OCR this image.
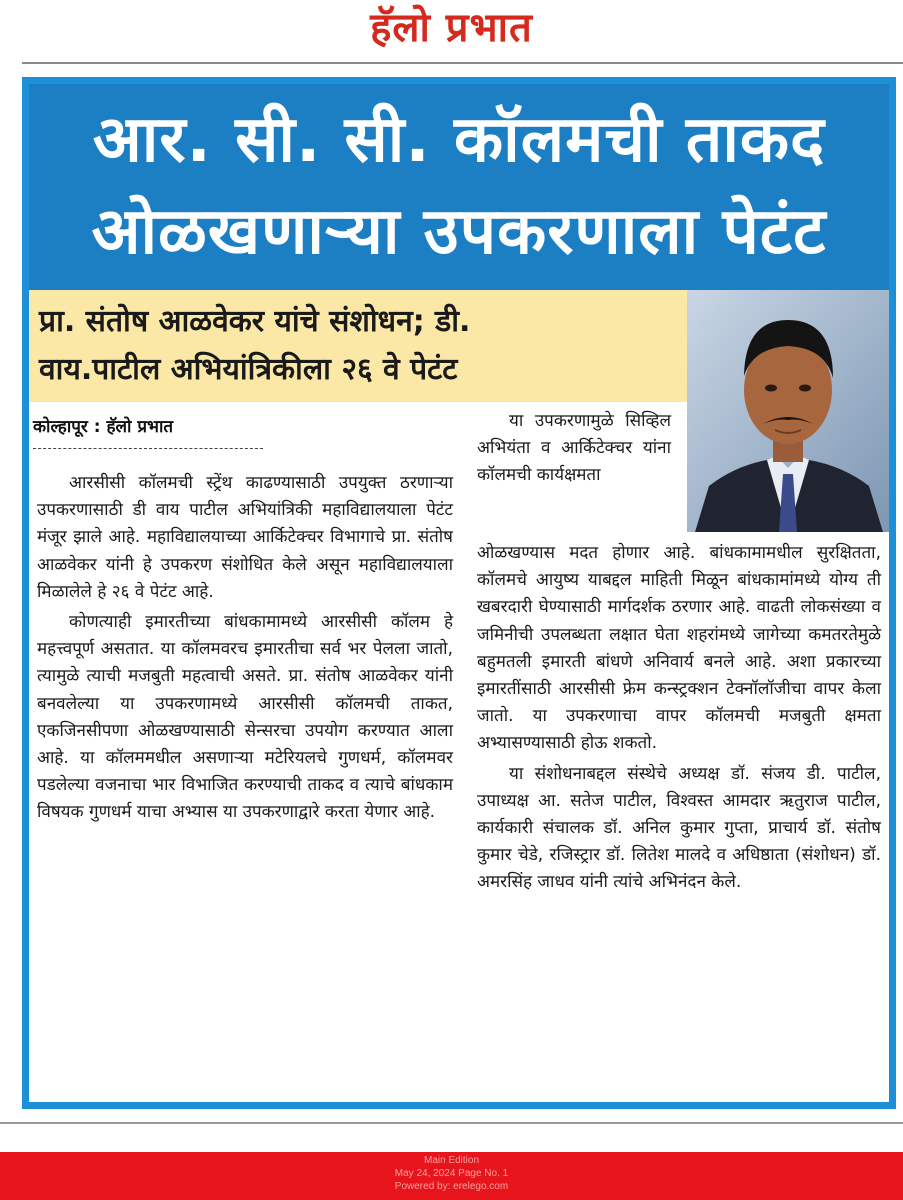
हॅलो प्रभात
आर. सी. सी. कॉलमची ताकद
ओळखणाऱ्या उपकरणाला पेटंट
प्रा. संतोष आळवेकर यांचे संशोधन; डी.
वाय.पाटील अभियांत्रिकीला २६ वे पेटंट
कोल्हापूर : हॅलो प्रभात

आरसीसी कॉलमची स्ट्रेंथ काढण्यासाठी उपयुक्त ठरणाऱ्या उपकरणासाठी डी वाय पाटील अभियांत्रिकी महाविद्यालयाला पेटंट मंजूर झाले आहे. महाविद्यालयाच्या आर्किटेक्चर विभागाचे प्रा. संतोष आळवेकर यांनी हे उपकरण संशोधित केले असून महाविद्यालयाला मिळालेले हे २६ वे पेटंट आहे.

कोणत्याही इमारतीच्या बांधकामामध्ये आरसीसी कॉलम हे महत्त्वपूर्ण असतात. या कॉलमवरच इमारतीचा सर्व भर पेलला जातो, त्यामुळे त्याची मजबुती महत्वाची असते. प्रा. संतोष आळवेकर यांनी बनवलेल्या या उपकरणामध्ये आरसीसी कॉलमची ताकत, एकजिनसीपणा ओळखण्यासाठी सेन्सरचा उपयोग करण्यात आला आहे. या कॉलममधील असणाऱ्या मटेरियलचे गुणधर्म, कॉलमवर पडलेल्या वजनाचा भार विभाजित करण्याची ताकद व त्याचे बांधकाम विषयक गुणधर्म याचा अभ्यास या उपकरणाद्वारे करता येणार आहे.

या उपकरणामुळे सिव्हिल अभियंता व आर्किटेक्चर यांना कॉलमची कार्यक्षमता

ओळखण्यास मदत होणार आहे. बांधकामामधील सुरक्षितता, कॉलमचे आयुष्य याबद्दल माहिती मिळून बांधकामांमध्ये योग्य ती खबरदारी घेण्यासाठी मार्गदर्शक ठरणार आहे. वाढती लोकसंख्या व जमिनीची उपलब्धता लक्षात घेता शहरांमध्ये जागेच्या कमतरतेमुळे बहुमतली इमारती बांधणे अनिवार्य बनले आहे. अशा प्रकारच्या इमारतींसाठी आरसीसी फ्रेम कन्स्ट्रक्शन टेक्नॉलॉजीचा वापर केला जातो. या उपकरणाचा वापर कॉलमची मजबुती क्षमता अभ्यासण्यासाठी होऊ शकतो.

या संशोधनाबद्दल संस्थेचे अध्यक्ष डॉ. संजय डी. पाटील, उपाध्यक्ष आ. सतेज पाटील, विश्वस्त आमदार ऋतुराज पाटील, कार्यकारी संचालक डॉ. अनिल कुमार गुप्ता, प्राचार्य डॉ. संतोष कुमार चेडे, रजिस्ट्रार डॉ. लितेश मालदे व अधिष्ठाता (संशोधन) डॉ. अमरसिंह जाधव यांनी त्यांचे अभिनंदन केले.

Main Edition
May 24, 2024 Page No. 1
Powered by: erelego.com
